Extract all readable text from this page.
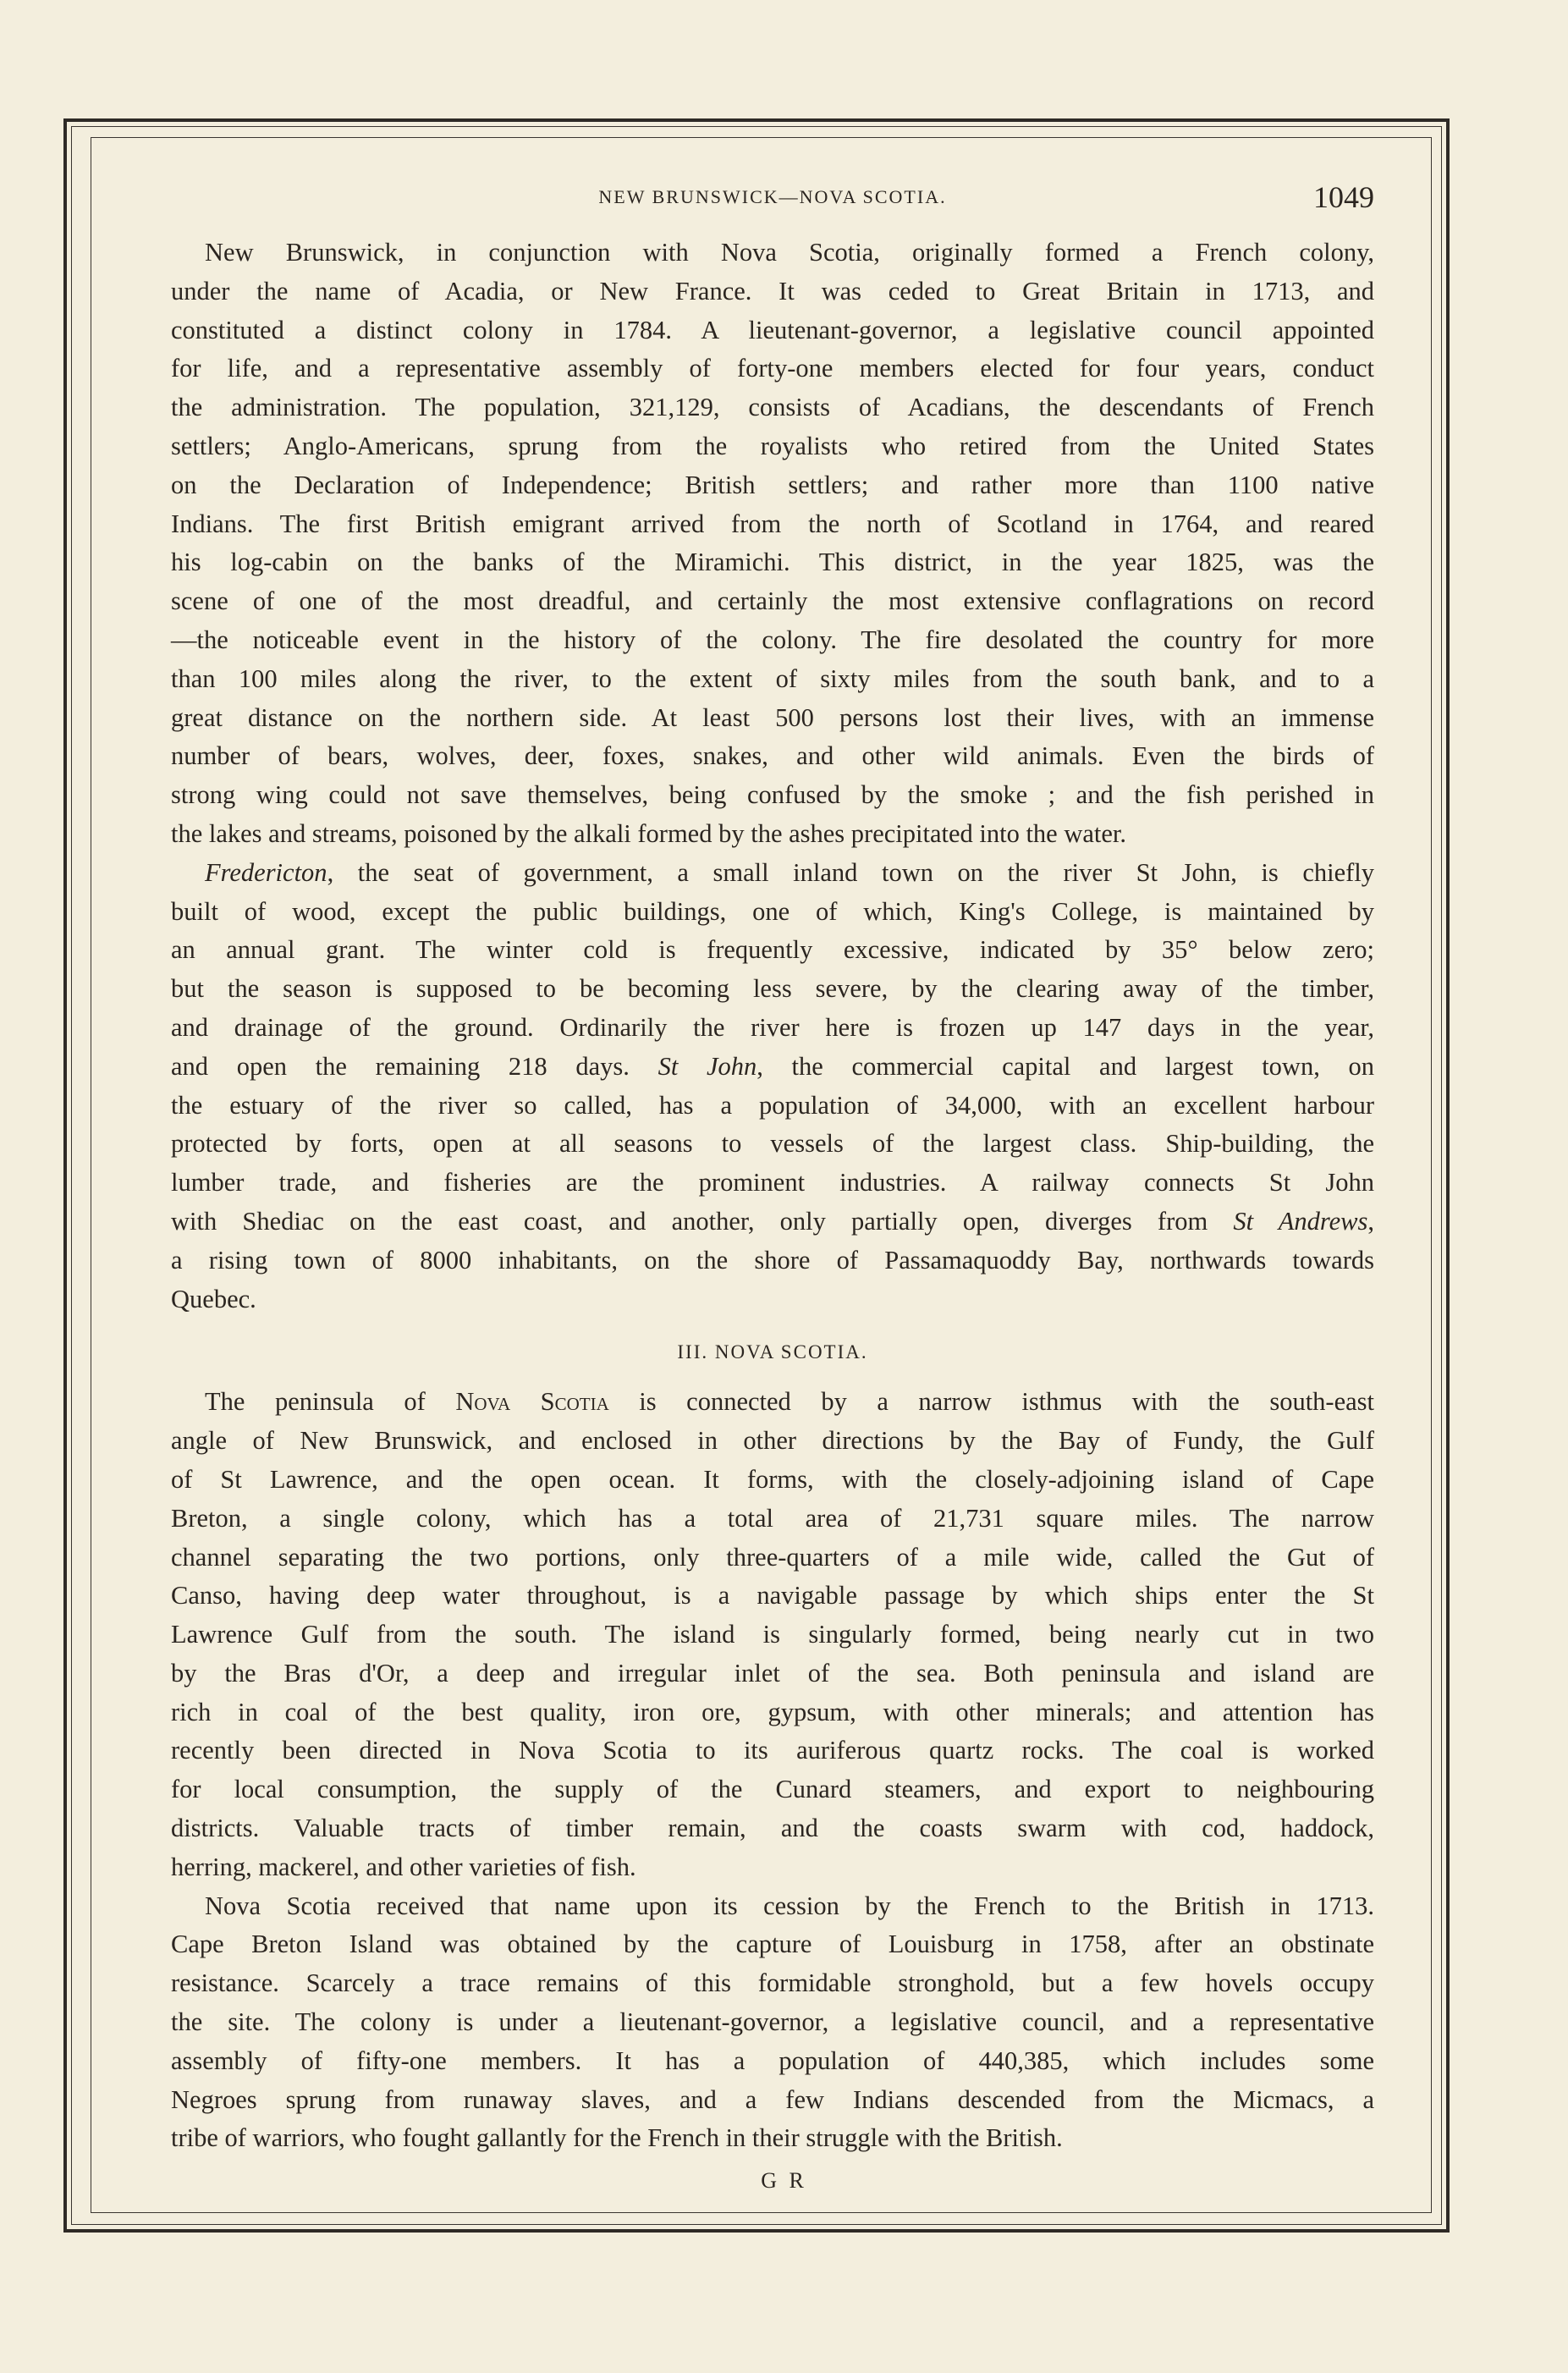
NEW BRUNSWICK—NOVA SCOTIA.	1049
New Brunswick, in conjunction with Nova Scotia, originally formed a French colony,
under the name of Acadia, or New France. It was ceded to Great Britain in 1713, and
constituted a distinct colony in 1784. A lieutenant-governor, a legislative council appointed
for life, and a representative assembly of forty-one members elected for four years, conduct
the administration. The population, 321,129, consists of Acadians, the descendants of French
settlers; Anglo-Americans, sprung from the royalists who retired from the United States
on the Declaration of Independence; British settlers; and rather more than 1100 native
Indians. The first British emigrant arrived from the north of Scotland in 1764, and reared
his log-cabin on the banks of the Miramichi. This district, in the year 1825, was the
scene of one of the most dreadful, and certainly the most extensive conflagrations on record
—the noticeable event in the history of the colony. The fire desolated the country for more
than 100 miles along the river, to the extent of sixty miles from the south bank, and to a
great distance on the northern side. At least 500 persons lost their lives, with an immense
number of bears, wolves, deer, foxes, snakes, and other wild animals. Even the birds of
strong wing could not save themselves, being confused by the smoke ; and the fish perished in
the lakes and streams, poisoned by the alkali formed by the ashes precipitated into the water.
Fredericton, the seat of government, a small inland town on the river St John, is chiefly
built of wood, except the public buildings, one of which, King's College, is maintained by
an annual grant. The winter cold is frequently excessive, indicated by 35° below zero;
but the season is supposed to be becoming less severe, by the clearing away of the timber,
and drainage of the ground. Ordinarily the river here is frozen up 147 days in the year,
and open the remaining 218 days. St John, the commercial capital and largest town, on
the estuary of the river so called, has a population of 34,000, with an excellent harbour
protected by forts, open at all seasons to vessels of the largest class. Ship-building, the
lumber trade, and fisheries are the prominent industries. A railway connects St John
with Shediac on the east coast, and another, only partially open, diverges from St Andrews,
a rising town of 8000 inhabitants, on the shore of Passamaquoddy Bay, northwards towards
Quebec.
III. NOVA SCOTIA.
The peninsula of Nova Scotia is connected by a narrow isthmus with the south-east
angle of New Brunswick, and enclosed in other directions by the Bay of Fundy, the Gulf
of St Lawrence, and the open ocean. It forms, with the closely-adjoining island of Cape
Breton, a single colony, which has a total area of 21,731 square miles. The narrow
channel separating the two portions, only three-quarters of a mile wide, called the Gut of
Canso, having deep water throughout, is a navigable passage by which ships enter the St
Lawrence Gulf from the south. The island is singularly formed, being nearly cut in two
by the Bras d'Or, a deep and irregular inlet of the sea. Both peninsula and island are
rich in coal of the best quality, iron ore, gypsum, with other minerals; and attention has
recently been directed in Nova Scotia to its auriferous quartz rocks. The coal is worked
for local consumption, the supply of the Cunard steamers, and export to neighbouring
districts. Valuable tracts of timber remain, and the coasts swarm with cod, haddock,
herring, mackerel, and other varieties of fish.
Nova Scotia received that name upon its cession by the French to the British in 1713.
Cape Breton Island was obtained by the capture of Louisburg in 1758, after an obstinate
resistance. Scarcely a trace remains of this formidable stronghold, but a few hovels occupy
the site. The colony is under a lieutenant-governor, a legislative council, and a representative
assembly of fifty-one members. It has a population of 440,385, which includes some
Negroes sprung from runaway slaves, and a few Indians descended from the Micmacs, a
tribe of warriors, who fought gallantly for the French in their struggle with the British.
G R
